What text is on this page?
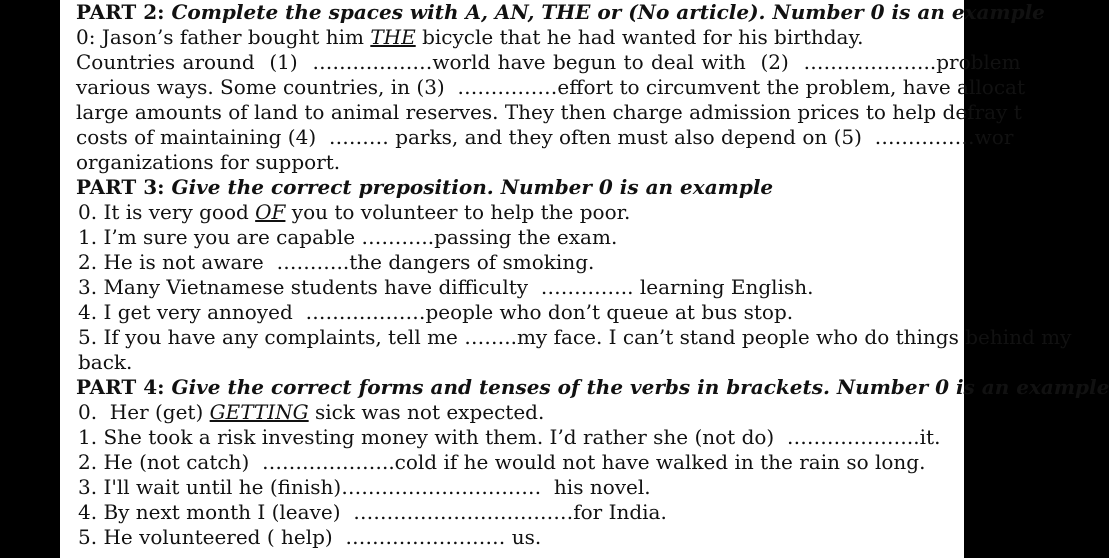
PART 2: Complete the spaces with A, AN, THE or (No article). Number 0 is an example
0: Jason’s father bought him THE bicycle that he had wanted for his birthday.
Countries around  (1)  ………………world have begun to deal with  (2)  ………………..problem
various ways. Some countries, in (3)  ……………effort to circumvent the problem, have allocat
large amounts of land to animal reserves. They then charge admission prices to help defray t
costs of maintaining (4)  ……… parks, and they often must also depend on (5)  ……………wor
organizations for support.
PART 3: Give the correct preposition. Number 0 is an example
0. It is very good OF you to volunteer to help the poor.
1. I’m sure you are capable ………..passing the exam.
2. He is not aware  ………..the dangers of smoking.
3. Many Vietnamese students have difficulty  ………….. learning English.
4. I get very annoyed  ………………people who don’t queue at bus stop.
5. If you have any complaints, tell me ……..my face. I can’t stand people who do things behind my
back.
PART 4: Give the correct forms and tenses of the verbs in brackets. Number 0 is an example
0.  Her (get) GETTING sick was not expected.
1. She took a risk investing money with them. I’d rather she (not do)  ………………..it.
2. He (not catch)  ………………..cold if he would not have walked in the rain so long.
3. I'll wait until he (finish)…………………………  his novel.
4. By next month I (leave)  ……………………………for India.
5. He volunteered ( help)  …………………… us.
